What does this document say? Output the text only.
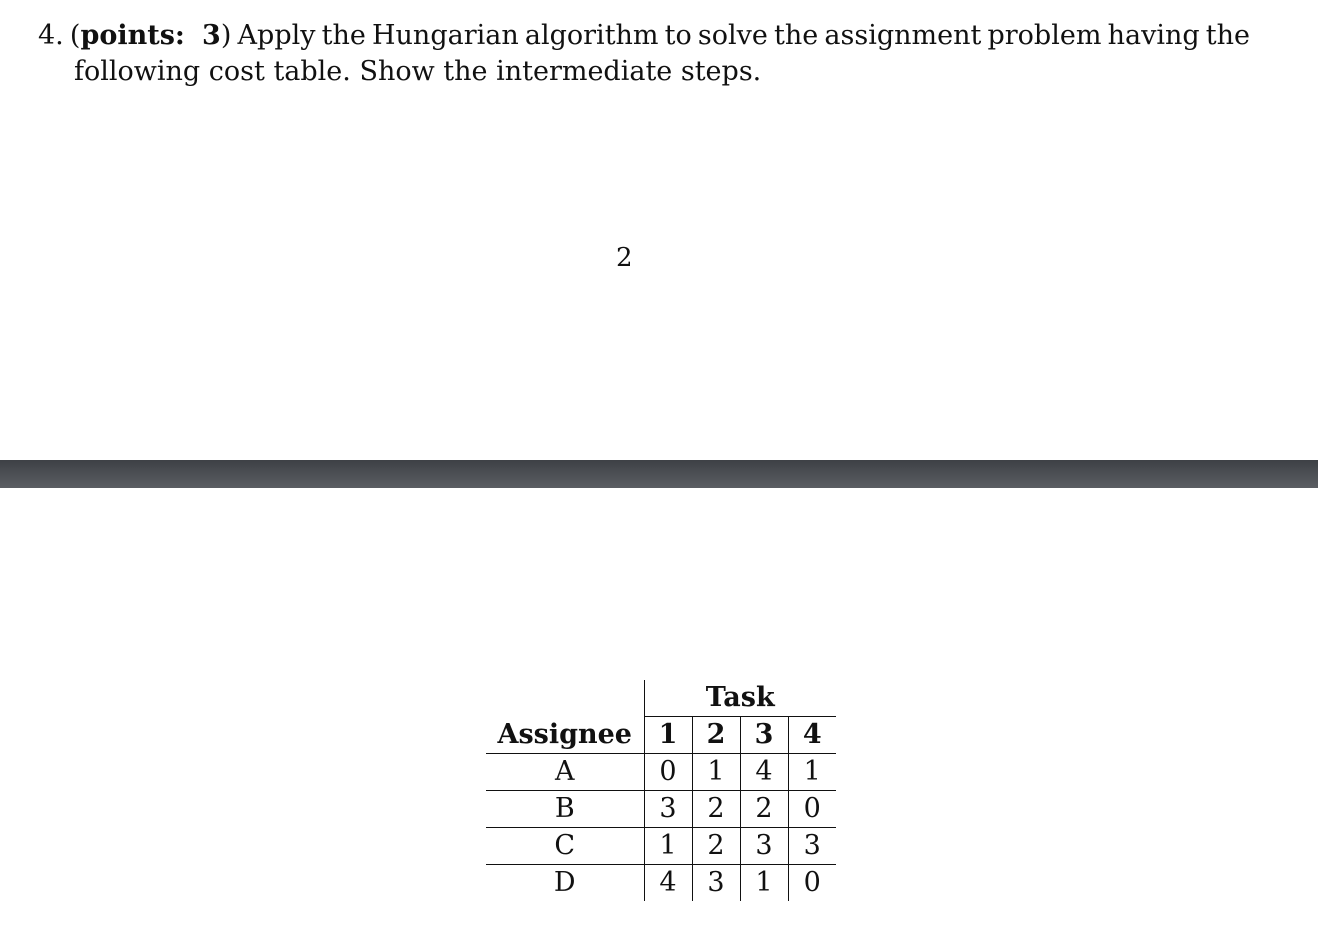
4. (points: 3) Apply the Hungarian algorithm to solve the assignment problem having the
following cost table. Show the intermediate steps.
2
	Task			
Assignee	1	2	3	4
A	0	1	4	1
B	3	2	2	0
C	1	2	3	3
D	4	3	1	0
